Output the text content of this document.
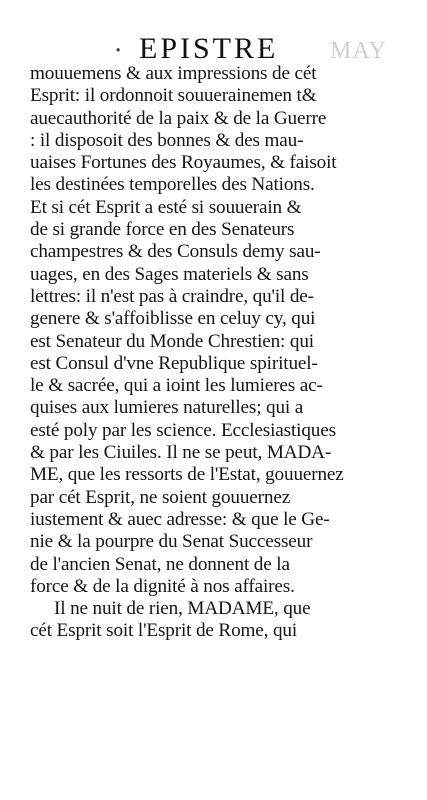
· EPISTRE MAY
mouuemens & aux impressions de cét
Esprit: il ordonnoit souuerainemen t&
auecauthorité de la paix & de la Guerre
: il disposoit des bonnes & des mau-
uaises Fortunes des Royaumes, & faisoit
les destinées temporelles des Nations.
Et si cét Esprit a esté si souuerain &
de si grande force en des Senateurs
champestres & des Consuls demy sau-
uages, en des Sages materiels & sans
lettres: il n'est pas à craindre, qu'il de-
genere & s'affoiblisse en celuy cy, qui
est Senateur du Monde Chrestien: qui
est Consul d'vne Republique spirituel-
le & sacrée, qui a ioint les lumieres ac-
quises aux lumieres naturelles; qui a
esté poly par les science. Ecclesiastiques
& par les Ciuiles. Il ne se peut, MADA-
ME, que les ressorts de l'Estat, gouuernez
par cét Esprit, ne soient gouuernez
iustement & auec adresse: & que le Ge-
nie & la pourpre du Senat Successeur
de l'ancien Senat, ne donnent de la
force & de la dignité à nos affaires.
Il ne nuit de rien, MADAME, que
cét Esprit soit l'Esprit de Rome, qui
